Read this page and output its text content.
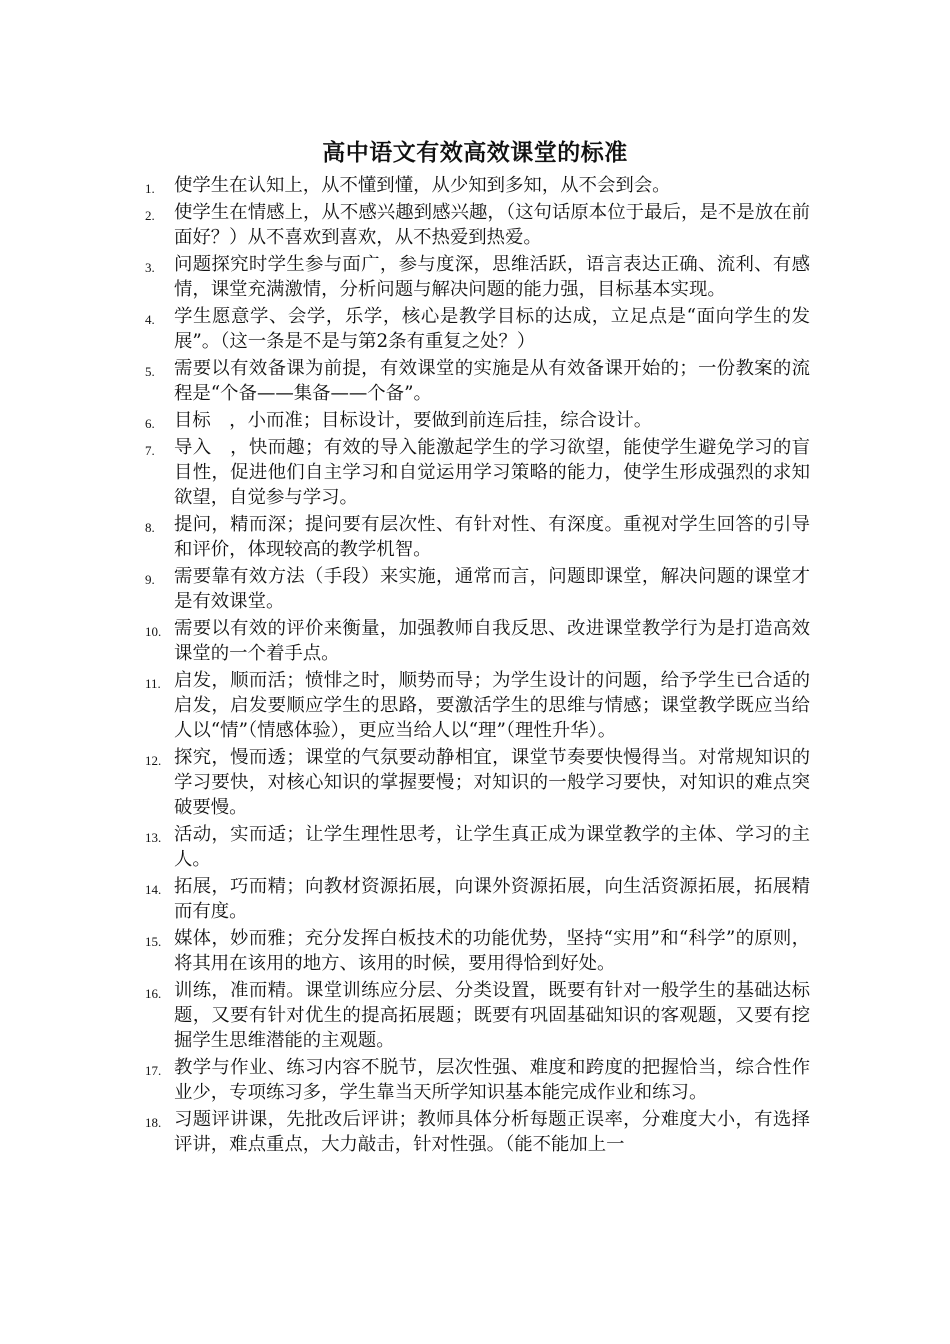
高中语文有效高效课堂的标准
1. 使学生在认知上，从不懂到懂，从少知到多知，从不会到会。
2. 使学生在情感上，从不感兴趣到感兴趣，（这句话原本位于最后，是不是放在前面好？）从不喜欢到喜欢，从不热爱到热爱。
3. 问题探究时学生参与面广，参与度深，思维活跃，语言表达正确、流利、有感情，课堂充满激情，分析问题与解决问题的能力强，目标基本实现。
4. 学生愿意学、会学，乐学，核心是教学目标的达成，立足点是“面向学生的发展”。（这一条是不是与第2条有重复之处？）
5. 需要以有效备课为前提，有效课堂的实施是从有效备课开始的；一份教案的流程是“个备——集备——个备”。
6. 目标　，小而准；目标设计，要做到前连后挂，综合设计。
7. 导入　，快而趣；有效的导入能激起学生的学习欲望，能使学生避免学习的盲目性，促进他们自主学习和自觉运用学习策略的能力，使学生形成强烈的求知欲望，自觉参与学习。
8. 提问，精而深；提问要有层次性、有针对性、有深度。重视对学生回答的引导和评价，体现较高的教学机智。
9. 需要靠有效方法（手段）来实施，通常而言，问题即课堂，解决问题的课堂才是有效课堂。
10. 需要以有效的评价来衡量，加强教师自我反思、改进课堂教学行为是打造高效课堂的一个着手点。
11. 启发，顺而活；愤悱之时，顺势而导；为学生设计的问题，给予学生已合适的启发，启发要顺应学生的思路，要激活学生的思维与情感；课堂教学既应当给人以“情”（情感体验），更应当给人以“理”（理性升华）。
12. 探究，慢而透；课堂的气氛要动静相宜，课堂节奏要快慢得当。对常规知识的学习要快，对核心知识的掌握要慢；对知识的一般学习要快，对知识的难点突破要慢。
13. 活动，实而适；让学生理性思考，让学生真正成为课堂教学的主体、学习的主人。
14. 拓展，巧而精；向教材资源拓展，向课外资源拓展，向生活资源拓展，拓展精而有度。
15. 媒体，妙而雅；充分发挥白板技术的功能优势，坚持“实用”和“科学”的原则，将其用在该用的地方、该用的时候，要用得恰到好处。
16. 训练，准而精。课堂训练应分层、分类设置，既要有针对一般学生的基础达标题，又要有针对优生的提高拓展题；既要有巩固基础知识的客观题，又要有挖掘学生思维潜能的主观题。
17. 教学与作业、练习内容不脱节，层次性强、难度和跨度的把握恰当，综合性作业少，专项练习多，学生靠当天所学知识基本能完成作业和练习。
18. 习题评讲课，先批改后评讲；教师具体分析每题正误率，分难度大小，有选择评讲，难点重点，大力敲击，针对性强。（能不能加上一
